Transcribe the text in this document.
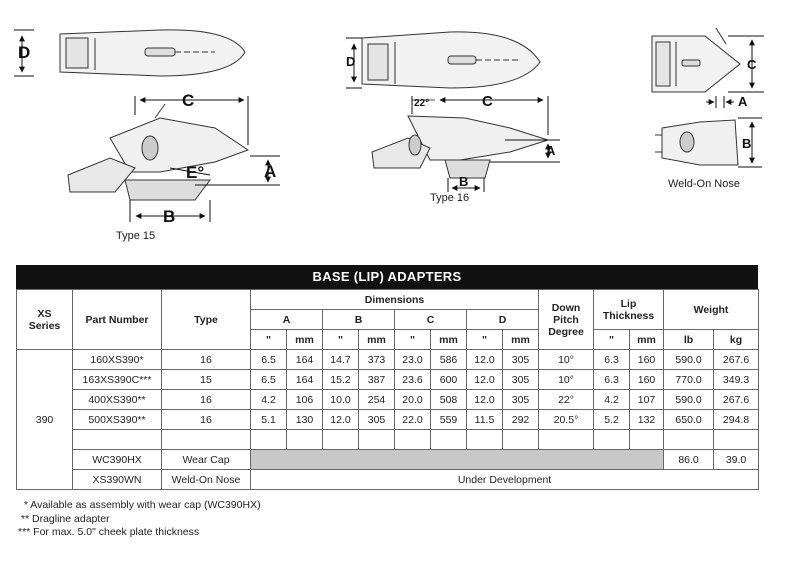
D
C
A
E°
B
D
22°	C
A
B
C
A
B
Type 15
Type 16
Weld-On Nose
BASE (LIP) ADAPTERS
XS
Series	Part Number	Type	Dimensions								Down
Pitch
Degree	Lip
Thickness		Weight	
			A		B		C		D						
			"	mm	"	mm	"	mm	"	mm		"	mm	lb	kg
390	160XS390*	16	6.5	164	14.7	373	23.0	586	12.0	305	10°	6.3	160	590.0	267.6
	163XS390C***	15	6.5	164	15.2	387	23.6	600	12.0	305	10°	6.3	160	770.0	349.3
	400XS390**	16	4.2	106	10.0	254	20.0	508	12.0	305	22°	4.2	107	590.0	267.6
	500XS390**	16	5.1	130	12.0	305	22.0	559	11.5	292	20.5°	5.2	132	650.0	294.8

	WC390HX	Wear Cap												86.0	39.0
	XS390WN	Weld-On Nose	Under Development												
* Available as assembly with wear cap (WC390HX)
** Dragline adapter
*** For max. 5.0" cheek plate thickness
